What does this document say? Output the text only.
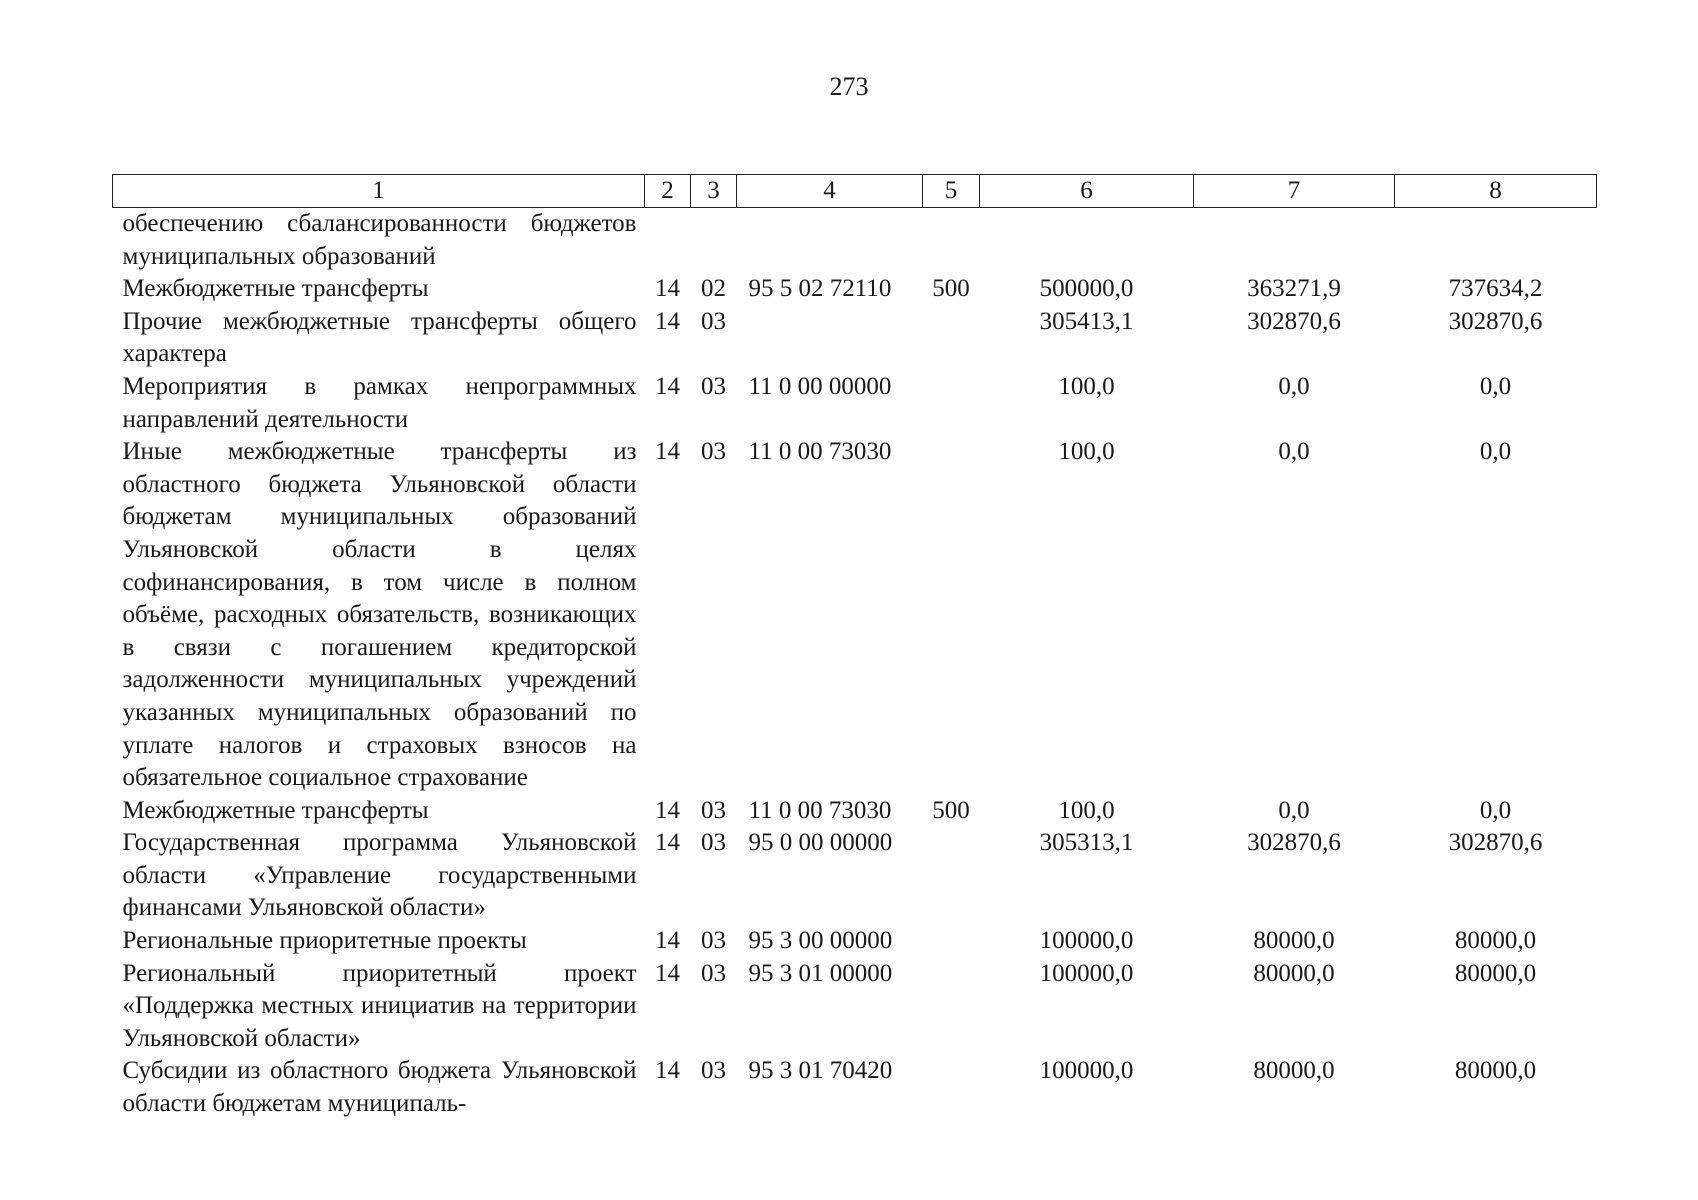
273
1	2	3	4	5	6	7	8
обеспечению сбалансированности бюджетов муниципальных образований							
Межбюджетные трансферты	14	02	95 5 02 72110	500	500000,0	363271,9	737634,2
Прочие межбюджетные трансферты общего характера	14	03			305413,1	302870,6	302870,6
Мероприятия в рамках непрограммных направлений деятельности	14	03	11 0 00 00000		100,0	0,0	0,0
Иные межбюджетные трансферты из областного бюджета Ульяновской области бюджетам муниципальных образований Ульяновской области в целях софинансирования, в том числе в полном объёме, расходных обязательств, возникающих в связи с погашением кредиторской задолженности муниципальных учреждений указанных муниципальных образований по уплате налогов и страховых взносов на обязательное социальное страхование	14	03	11 0 00 73030		100,0	0,0	0,0
Межбюджетные трансферты	14	03	11 0 00 73030	500	100,0	0,0	0,0
Государственная программа Ульяновской области «Управление государственными финансами Ульяновской области»	14	03	95 0 00 00000		305313,1	302870,6	302870,6
Региональные приоритетные проекты	14	03	95 3 00 00000		100000,0	80000,0	80000,0
Региональный приоритетный проект «Поддержка местных инициатив на территории Ульяновской области»	14	03	95 3 01 00000		100000,0	80000,0	80000,0
Субсидии из областного бюджета Ульяновской области бюджетам муниципаль-	14	03	95 3 01 70420		100000,0	80000,0	80000,0
